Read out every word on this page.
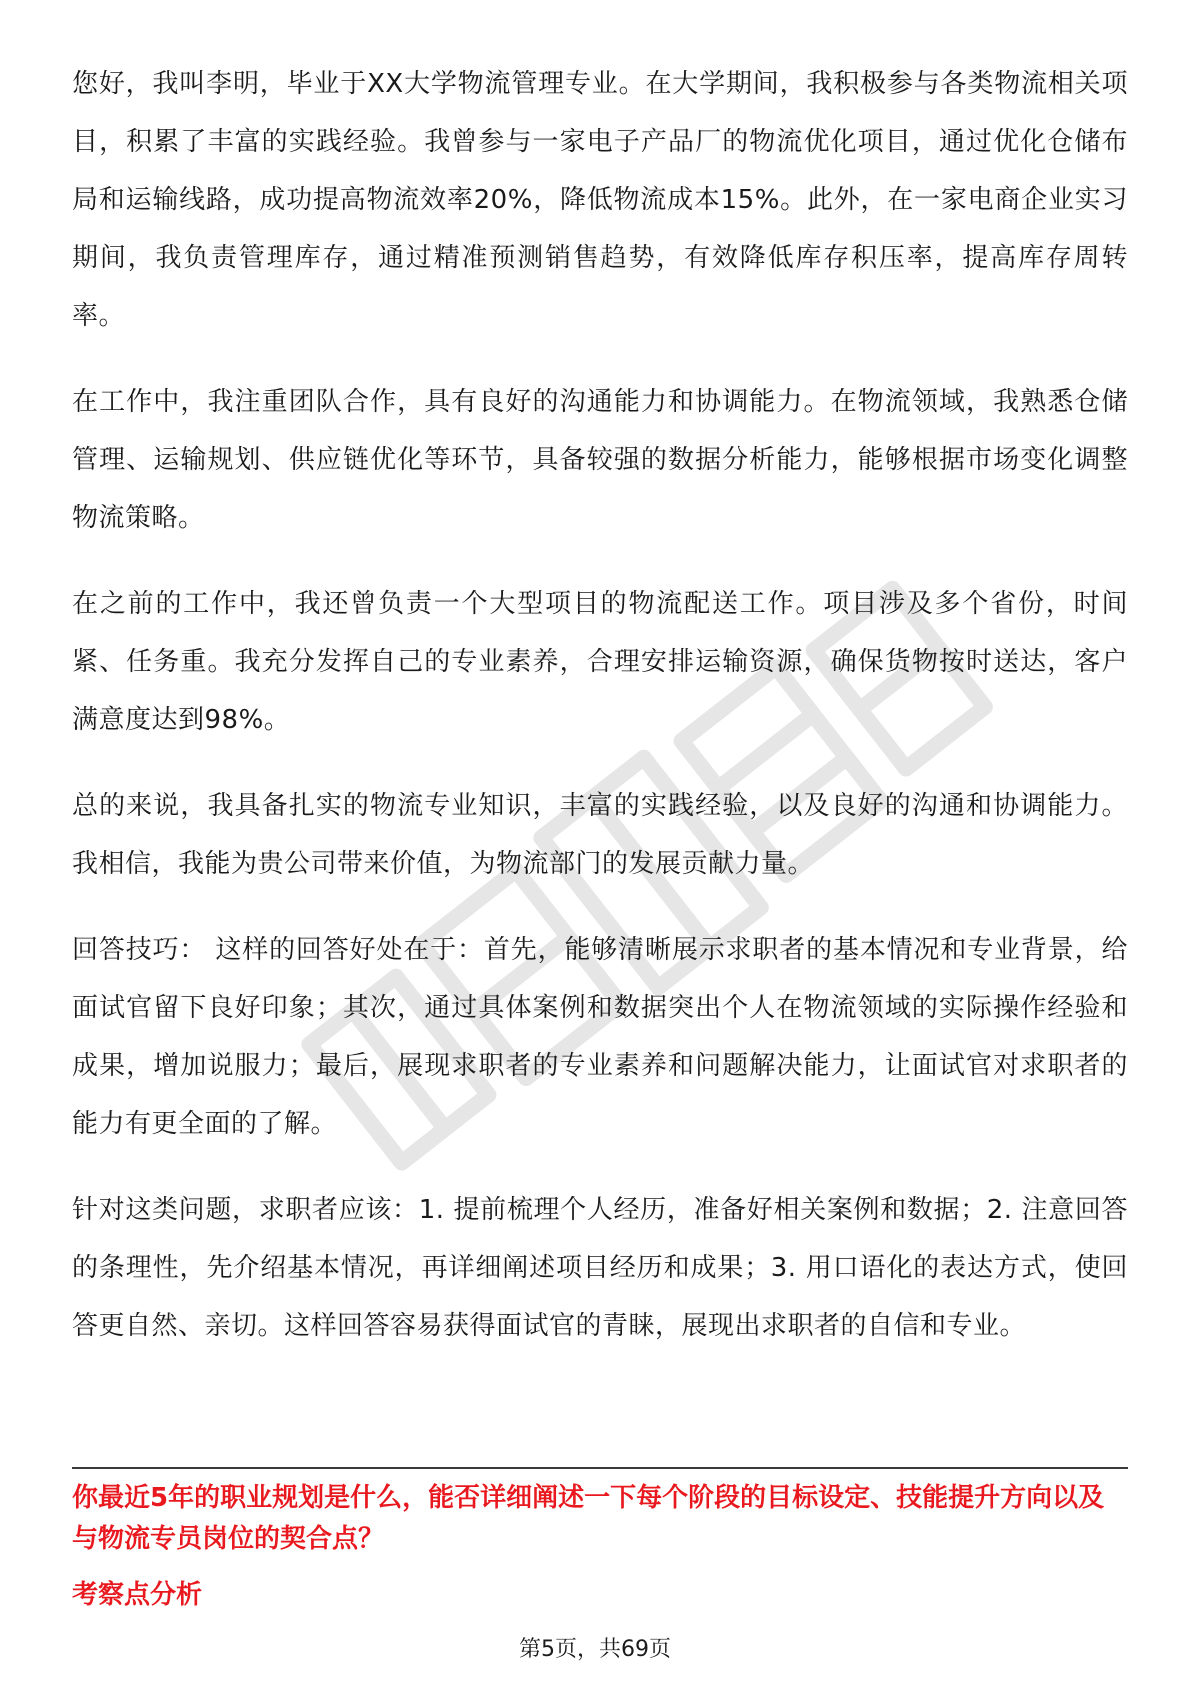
您好，我叫李明，毕业于XX大学物流管理专业。在大学期间，我积极参与各类物流相关项目，积累了丰富的实践经验。我曾参与一家电子产品厂的物流优化项目，通过优化仓储布局和运输线路，成功提高物流效率20%，降低物流成本15%。此外，在一家电商企业实习期间，我负责管理库存，通过精准预测销售趋势，有效降低库存积压率，提高库存周转率。

在工作中，我注重团队合作，具有良好的沟通能力和协调能力。在物流领域，我熟悉仓储管理、运输规划、供应链优化等环节，具备较强的数据分析能力，能够根据市场变化调整物流策略。

在之前的工作中，我还曾负责一个大型项目的物流配送工作。项目涉及多个省份，时间紧、任务重。我充分发挥自己的专业素养，合理安排运输资源，确保货物按时送达，客户满意度达到98%。

总的来说，我具备扎实的物流专业知识，丰富的实践经验，以及良好的沟通和协调能力。我相信，我能为贵公司带来价值，为物流部门的发展贡献力量。

回答技巧： 这样的回答好处在于：首先，能够清晰展示求职者的基本情况和专业背景，给面试官留下良好印象；其次，通过具体案例和数据突出个人在物流领域的实际操作经验和成果，增加说服力；最后，展现求职者的专业素养和问题解决能力，让面试官对求职者的能力有更全面的了解。

针对这类问题，求职者应该：1. 提前梳理个人经历，准备好相关案例和数据；2. 注意回答的条理性，先介绍基本情况，再详细阐述项目经历和成果；3. 用口语化的表达方式，使回答更自然、亲切。这样回答容易获得面试官的青睐，展现出求职者的自信和专业。

你最近5年的职业规划是什么，能否详细阐述一下每个阶段的目标设定、技能提升方向以及与物流专员岗位的契合点？

考察点分析

第5页，共69页
